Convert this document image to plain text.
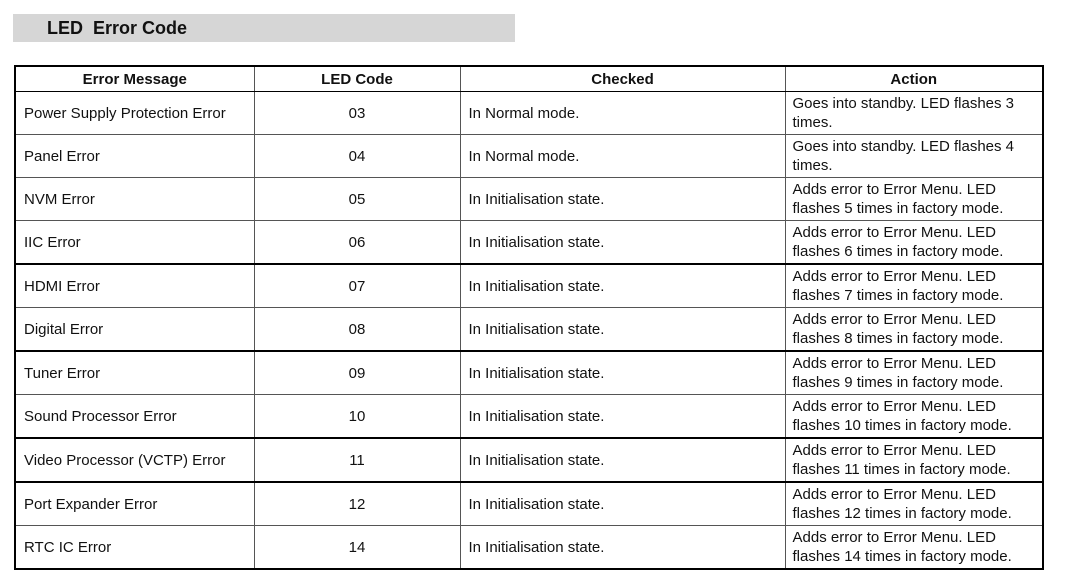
LED  Error Code
Error Message	LED Code	Checked	Action
Power Supply Protection Error	03	In Normal mode.	Goes into standby. LED flashes 3 times.
Panel Error	04	In Normal mode.	Goes into standby. LED flashes 4 times.
NVM Error	05	In Initialisation state.	Adds error to Error Menu. LED flashes 5 times in factory mode.
IIC Error	06	In Initialisation state.	Adds error to Error Menu. LED flashes 6 times in factory mode.
HDMI Error	07	In Initialisation state.	Adds error to Error Menu. LED flashes 7 times in factory mode.
Digital Error	08	In Initialisation state.	Adds error to Error Menu. LED flashes 8 times in factory mode.
Tuner Error	09	In Initialisation state.	Adds error to Error Menu. LED flashes 9 times in factory mode.
Sound Processor Error	10	In Initialisation state.	Adds error to Error Menu. LED flashes 10 times in factory mode.
Video Processor (VCTP) Error	11	In Initialisation state.	Adds error to Error Menu. LED flashes 11 times in factory mode.
Port Expander Error	12	In Initialisation state.	Adds error to Error Menu. LED flashes 12 times in factory mode.
RTC IC Error	14	In Initialisation state.	Adds error to Error Menu. LED flashes 14 times in factory mode.
